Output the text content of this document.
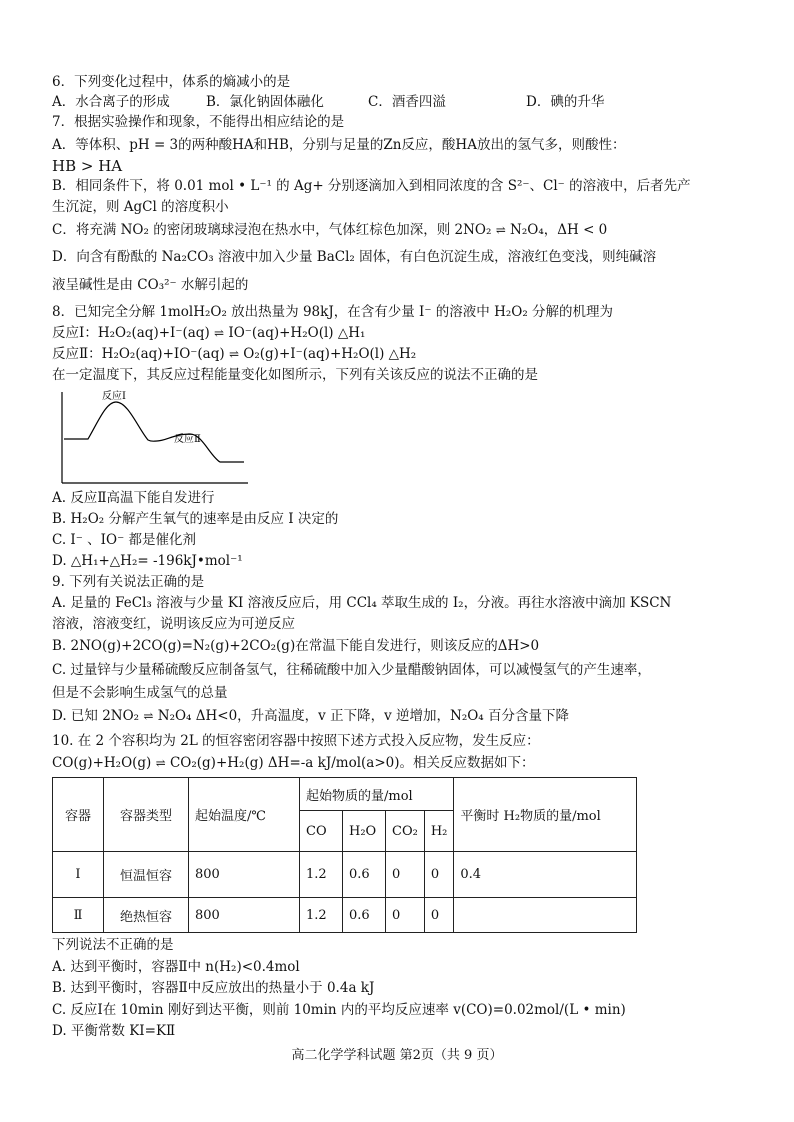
6．下列变化过程中，体系的熵减小的是
A．水合离子的形成	B．氯化钠固体融化	C．酒香四溢	D．碘的升华
7．根据实验操作和现象，不能得出相应结论的是
A．等体积、pH = 3的两种酸HA和HB，分别与足量的Zn反应，酸HA放出的氢气多，则酸性：
HB > HA
B．相同条件下，将 0.01 mol • L⁻¹ 的 Ag+ 分别逐滴加入到相同浓度的含 S²⁻、Cl⁻ 的溶液中，后者先产
生沉淀，则 AgCl 的溶度积小
C．将充满 NO₂ 的密闭玻璃球浸泡在热水中，气体红棕色加深，则 2NO₂ ⇌ N₂O₄，ΔH < 0
D．向含有酚酞的 Na₂CO₃ 溶液中加入少量 BaCl₂ 固体，有白色沉淀生成，溶液红色变浅，则纯碱溶
液呈碱性是由 CO₃²⁻ 水解引起的
8．已知完全分解 1molH₂O₂ 放出热量为 98kJ，在含有少量 I⁻ 的溶液中 H₂O₂ 分解的机理为
反应Ⅰ：H₂O₂(aq)+I⁻(aq) ⇌ IO⁻(aq)+H₂O(l) △H₁
反应Ⅱ：H₂O₂(aq)+IO⁻(aq) ⇌ O₂(g)+I⁻(aq)+H₂O(l) △H₂
在一定温度下，其反应过程能量变化如图所示，下列有关该反应的说法不正确的是
反应Ⅰ
反应Ⅱ
A. 反应Ⅱ高温下能自发进行
B. H₂O₂ 分解产生氧气的速率是由反应 I 决定的
C. I⁻ 、IO⁻ 都是催化剂
D. △H₁+△H₂= -196kJ•mol⁻¹
9. 下列有关说法正确的是
A. 足量的 FeCl₃ 溶液与少量 KI 溶液反应后，用 CCl₄ 萃取生成的 I₂，分液。再往水溶液中滴加 KSCN
溶液，溶液变红，说明该反应为可逆反应
B. 2NO(g)+2CO(g)=N₂(g)+2CO₂(g)在常温下能自发进行，则该反应的ΔH>0
C. 过量锌与少量稀硫酸反应制备氢气，往稀硫酸中加入少量醋酸钠固体，可以减慢氢气的产生速率，
但是不会影响生成氢气的总量
D. 已知 2NO₂ ⇌ N₂O₄ ΔH<0，升高温度，v 正下降，v 逆增加，N₂O₄ 百分含量下降
10. 在 2 个容积均为 2L 的恒容密闭容器中按照下述方式投入反应物，发生反应：
CO(g)+H₂O(g) ⇌ CO₂(g)+H₂(g) ΔH=-a kJ/mol(a>0)。相关反应数据如下：
容器	容器类型	起始温度/℃	起始物质的量/mol				平衡时 H₂物质的量/mol
			CO	H₂O	CO₂	H₂	
Ⅰ	恒温恒容	800	1.2	0.6	0	0	0.4
Ⅱ	绝热恒容	800	1.2	0.6	0	0	
下列说法不正确的是
A. 达到平衡时，容器Ⅱ中 n(H₂)<0.4mol
B. 达到平衡时，容器Ⅱ中反应放出的热量小于 0.4a kJ
C. 反应Ⅰ在 10min 刚好到达平衡，则前 10min 内的平均反应速率 v(CO)=0.02mol/(L • min)
D. 平衡常数 KⅠ=KⅡ
高二化学学科试题 第2页（共 9 页）
